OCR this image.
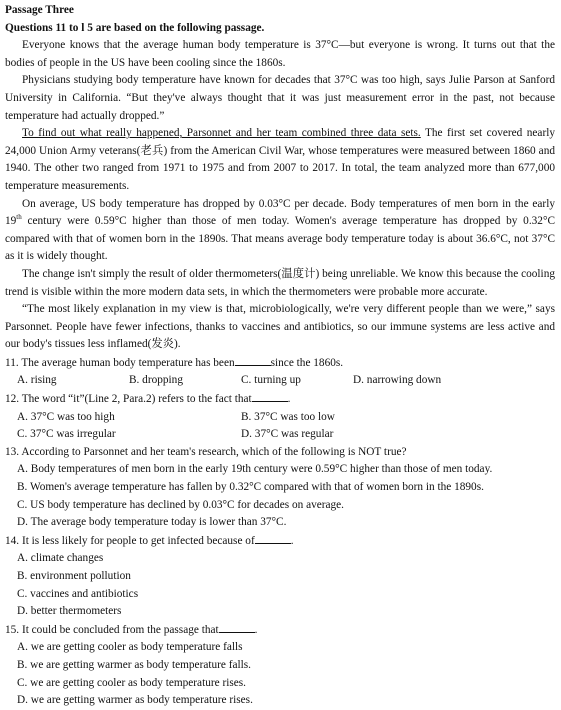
Passage Three

Questions 11 to l 5 are based on the following passage.

Everyone knows that the average human body temperature is 37°C—but everyone is wrong. It turns out that the bodies of people in the US have been cooling since the 1860s.

Physicians studying body temperature have known for decades that 37°C was too high, says Julie Parson at Sanford University in California. “But they've always thought that it was just measurement error in the past, not because temperature had actually dropped.”

To find out what really happened, Parsonnet and her team combined three data sets. The first set covered nearly 24,000 Union Army veterans(老兵) from the American Civil War, whose temperatures were measured between 1860 and 1940. The other two ranged from 1971 to 1975 and from 2007 to 2017. In total, the team analyzed more than 677,000 temperature measurements.

On average, US body temperature has dropped by 0.03°C per decade. Body temperatures of men born in the early 19th century were 0.59°C higher than those of men today. Women's average temperature has dropped by 0.32°C compared with that of women born in the 1890s. That means average body temperature today is about 36.6°C, not 37°C as it is widely thought.

The change isn't simply the result of older thermometers(温度计) being unreliable. We know this because the cooling trend is visible within the more modern data sets, in which the thermometers were probable more accurate.

“The most likely explanation in my view is that, microbiologically, we're very different people than we were,” says Parsonnet. People have fewer infections, thanks to vaccines and antibiotics, so our immune systems are less active and our body's tissues less inflamed(发炎).

11. The average human body temperature has been	since the 1860s.

A. rising	B. dropping	C. turning up	D. narrowing down

12. The word “it”(Line 2, Para.2) refers to the fact that	.

A. 37°C was too high	B. 37°C was too low
C. 37°C was irregular	D. 37°C was regular

13. According to Parsonnet and her team's research, which of the following is NOT true?

A. Body temperatures of men born in the early 19th century were 0.59°C higher than those of men today.

B. Women's average temperature has fallen by 0.32°C compared with that of women born in the 1890s.

C. US body temperature has declined by 0.03°C for decades on average.

D. The average body temperature today is lower than 37°C.

14. It is less likely for people to get infected because of	.

A. climate changes

B. environment pollution

C. vaccines and antibiotics

D. better thermometers

15. It could be concluded from the passage that	.

A. we are getting cooler as body temperature falls

B. we are getting warmer as body temperature falls.

C. we are getting cooler as body temperature rises.

D. we are getting warmer as body temperature rises.
